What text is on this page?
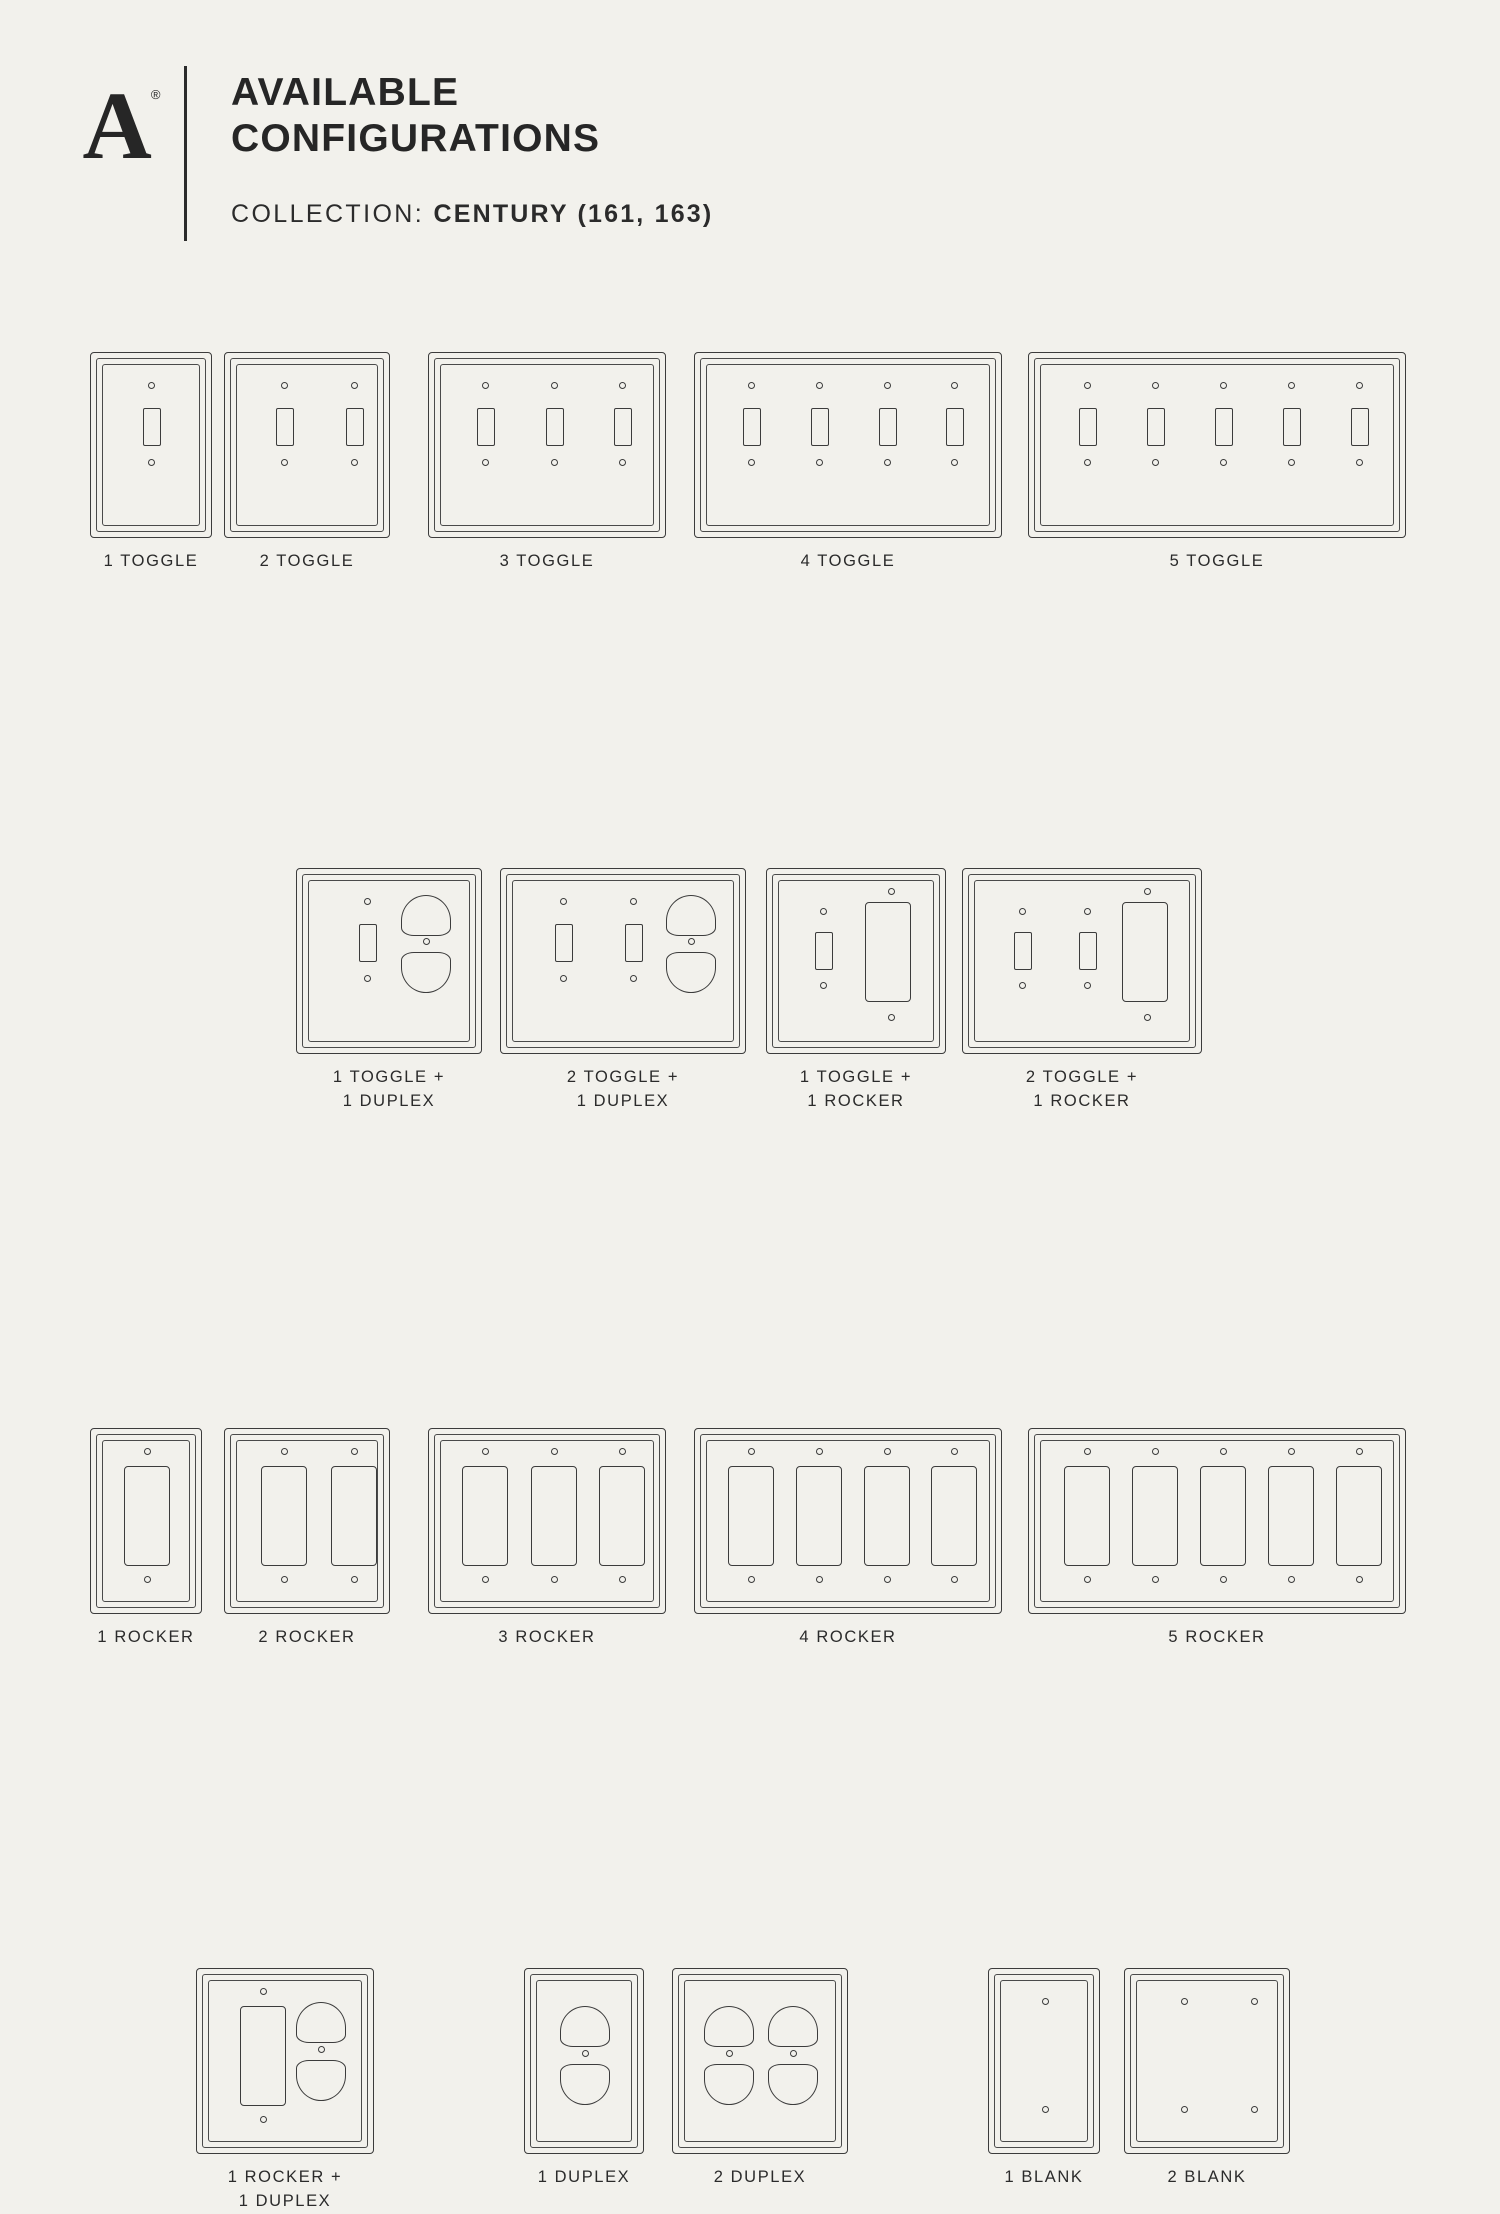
A® AVAILABLE
CONFIGURATIONS
COLLECTION: CENTURY (161, 163)
1 TOGGLE	2 TOGGLE	3 TOGGLE	4 TOGGLE	5 TOGGLE
1 TOGGLE +
1 DUPLEX
2 TOGGLE +
1 DUPLEX
1 TOGGLE +
1 ROCKER
2 TOGGLE +
1 ROCKER
1 ROCKER	2 ROCKER	3 ROCKER	4 ROCKER	5 ROCKER
1 ROCKER +
1 DUPLEX
1 DUPLEX	2 DUPLEX	1 BLANK	2 BLANK
